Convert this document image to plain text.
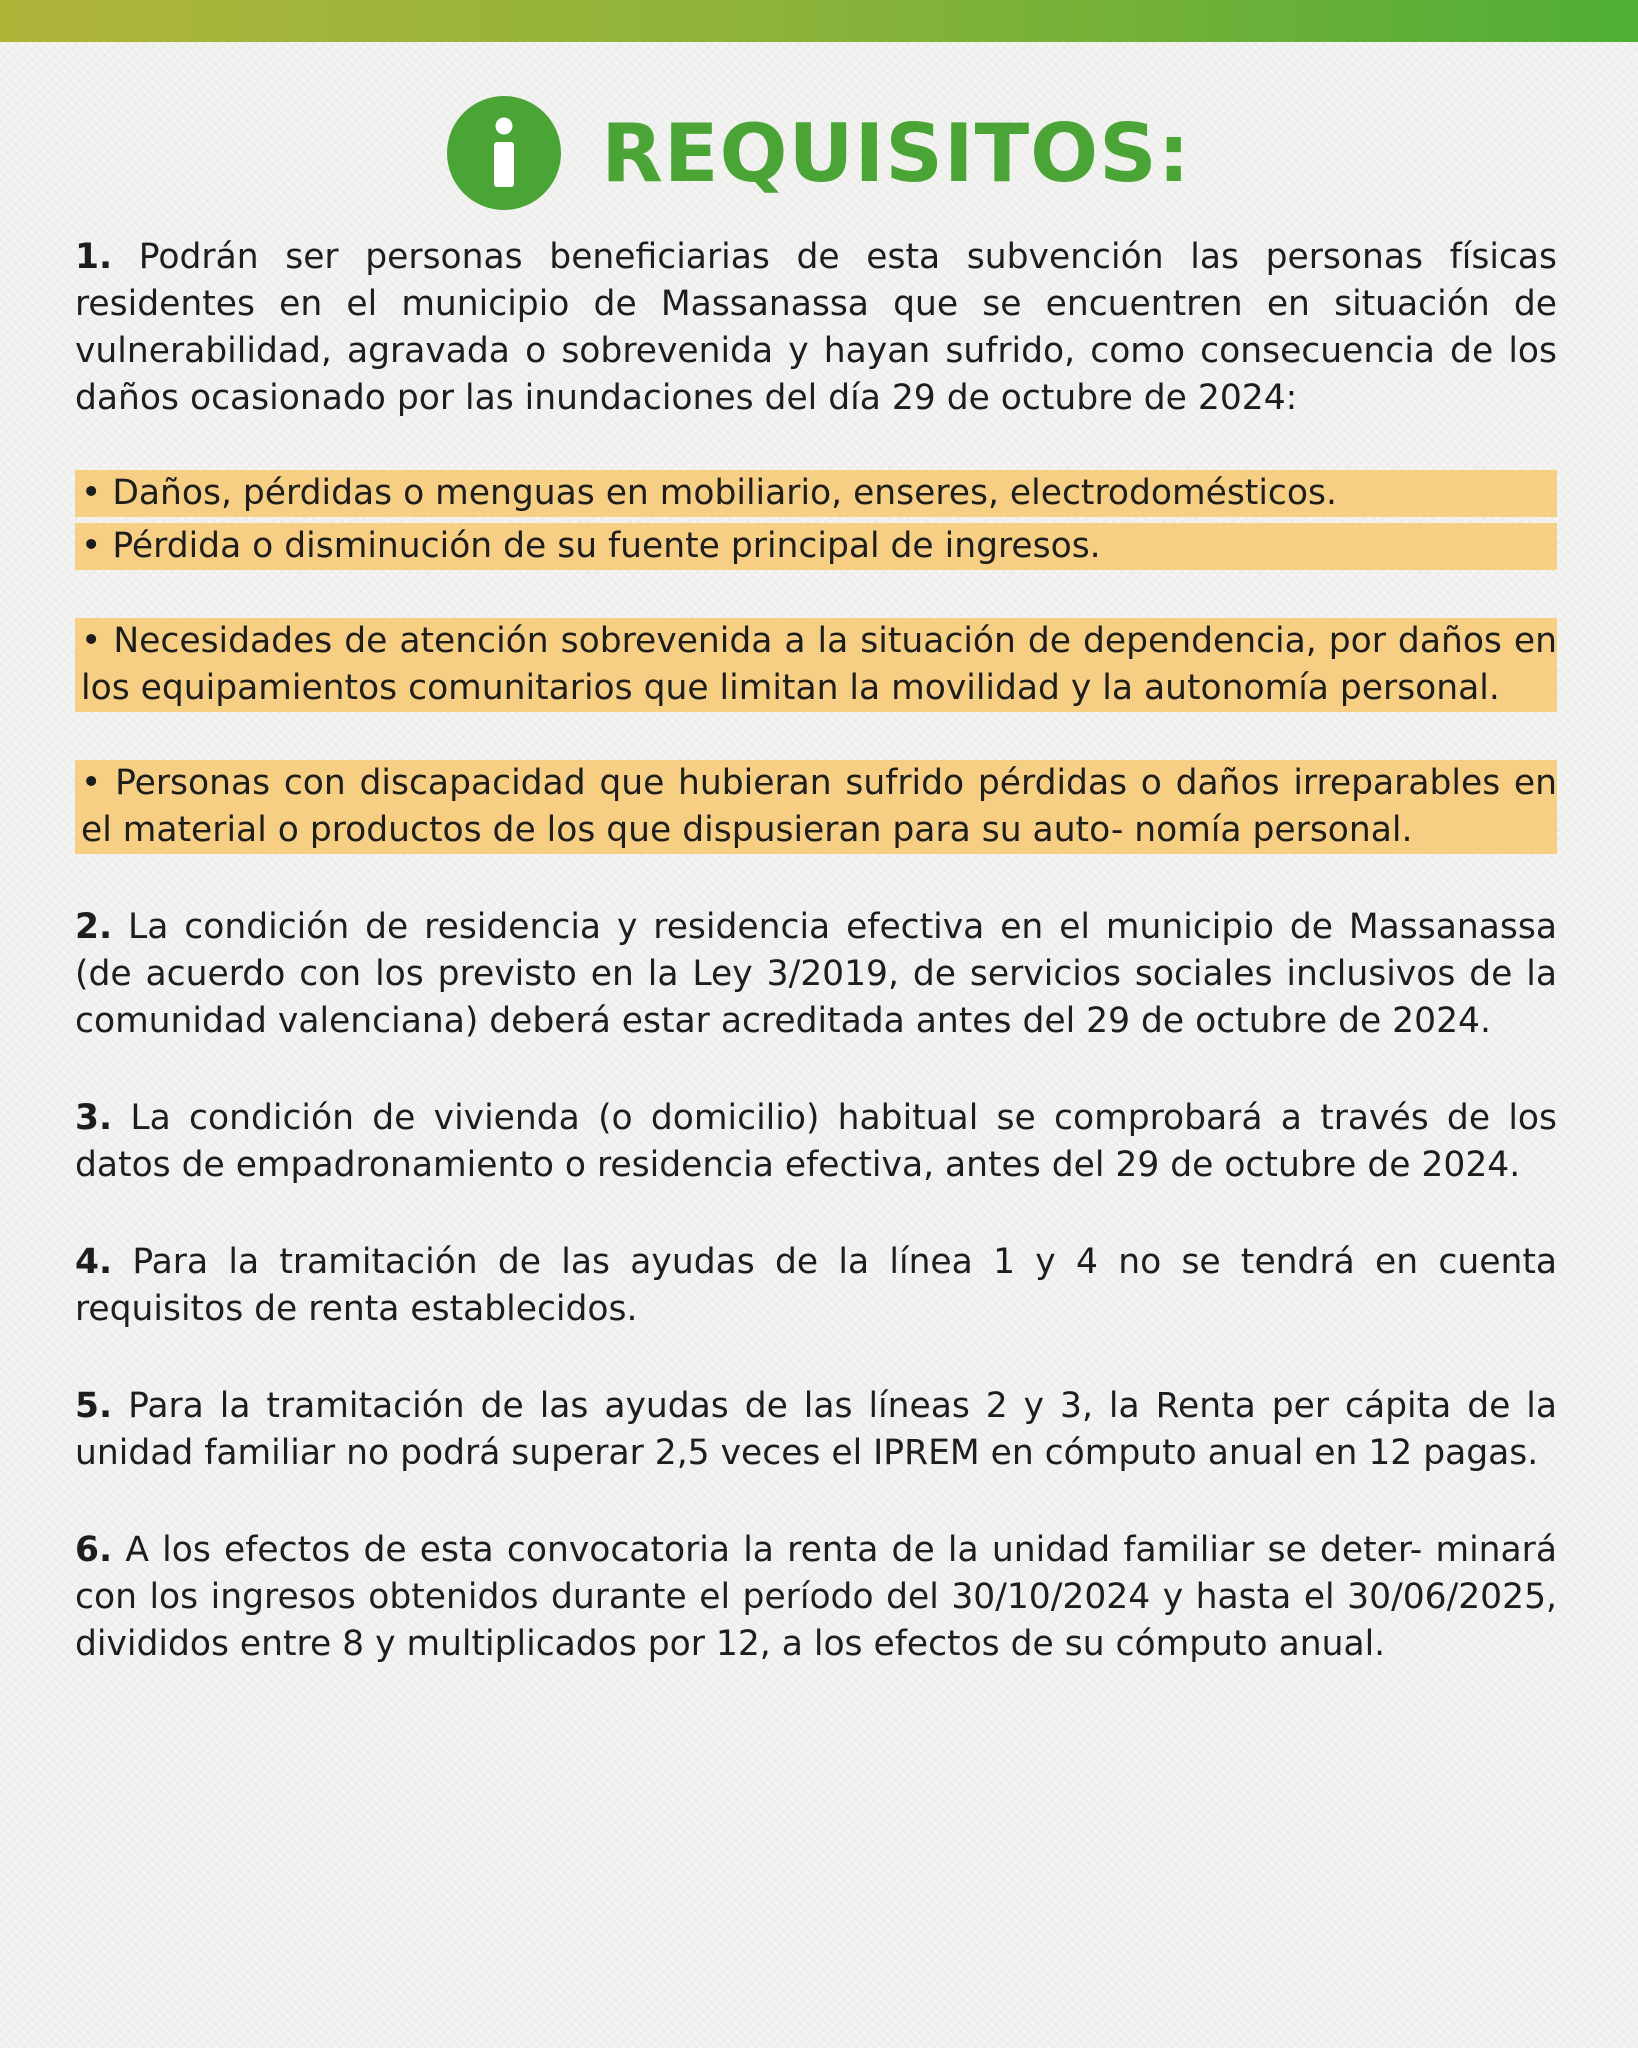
REQUISITOS:

1. Podrán ser personas beneficiarias de esta subvención las personas físicas residentes en el municipio de Massanassa que se encuentren en situación de vulnerabilidad, agravada o sobrevenida y hayan sufrido, como consecuencia de los daños ocasionado por las inundaciones del día 29 de octubre de 2024:

• Daños, pérdidas o menguas en mobiliario, enseres, electrodomésticos.
• Pérdida o disminución de su fuente principal de ingresos.
• Necesidades de atención sobrevenida a la situación de dependencia, por daños en los equipamientos comunitarios que limitan la movilidad y la autonomía personal.
• Personas con discapacidad que hubieran sufrido pérdidas o daños irreparables en el material o productos de los que dispusieran para su auto- nomía personal.

2. La condición de residencia y residencia efectiva en el municipio de Massanassa (de acuerdo con los previsto en la Ley 3/2019, de servicios sociales inclusivos de la comunidad valenciana) deberá estar acreditada antes del 29 de octubre de 2024.

3. La condición de vivienda (o domicilio) habitual se comprobará a través de los datos de empadronamiento o residencia efectiva, antes del 29 de octubre de 2024.

4. Para la tramitación de las ayudas de la línea 1 y 4 no se tendrá en cuenta requisitos de renta establecidos.

5. Para la tramitación de las ayudas de las líneas 2 y 3, la Renta per cápita de la unidad familiar no podrá superar 2,5 veces el IPREM en cómputo anual en 12 pagas.

6. A los efectos de esta convocatoria la renta de la unidad familiar se deter- minará con los ingresos obtenidos durante el período del 30/10/2024 y hasta el 30/06/2025, divididos entre 8 y multiplicados por 12, a los efectos de su cómputo anual.
